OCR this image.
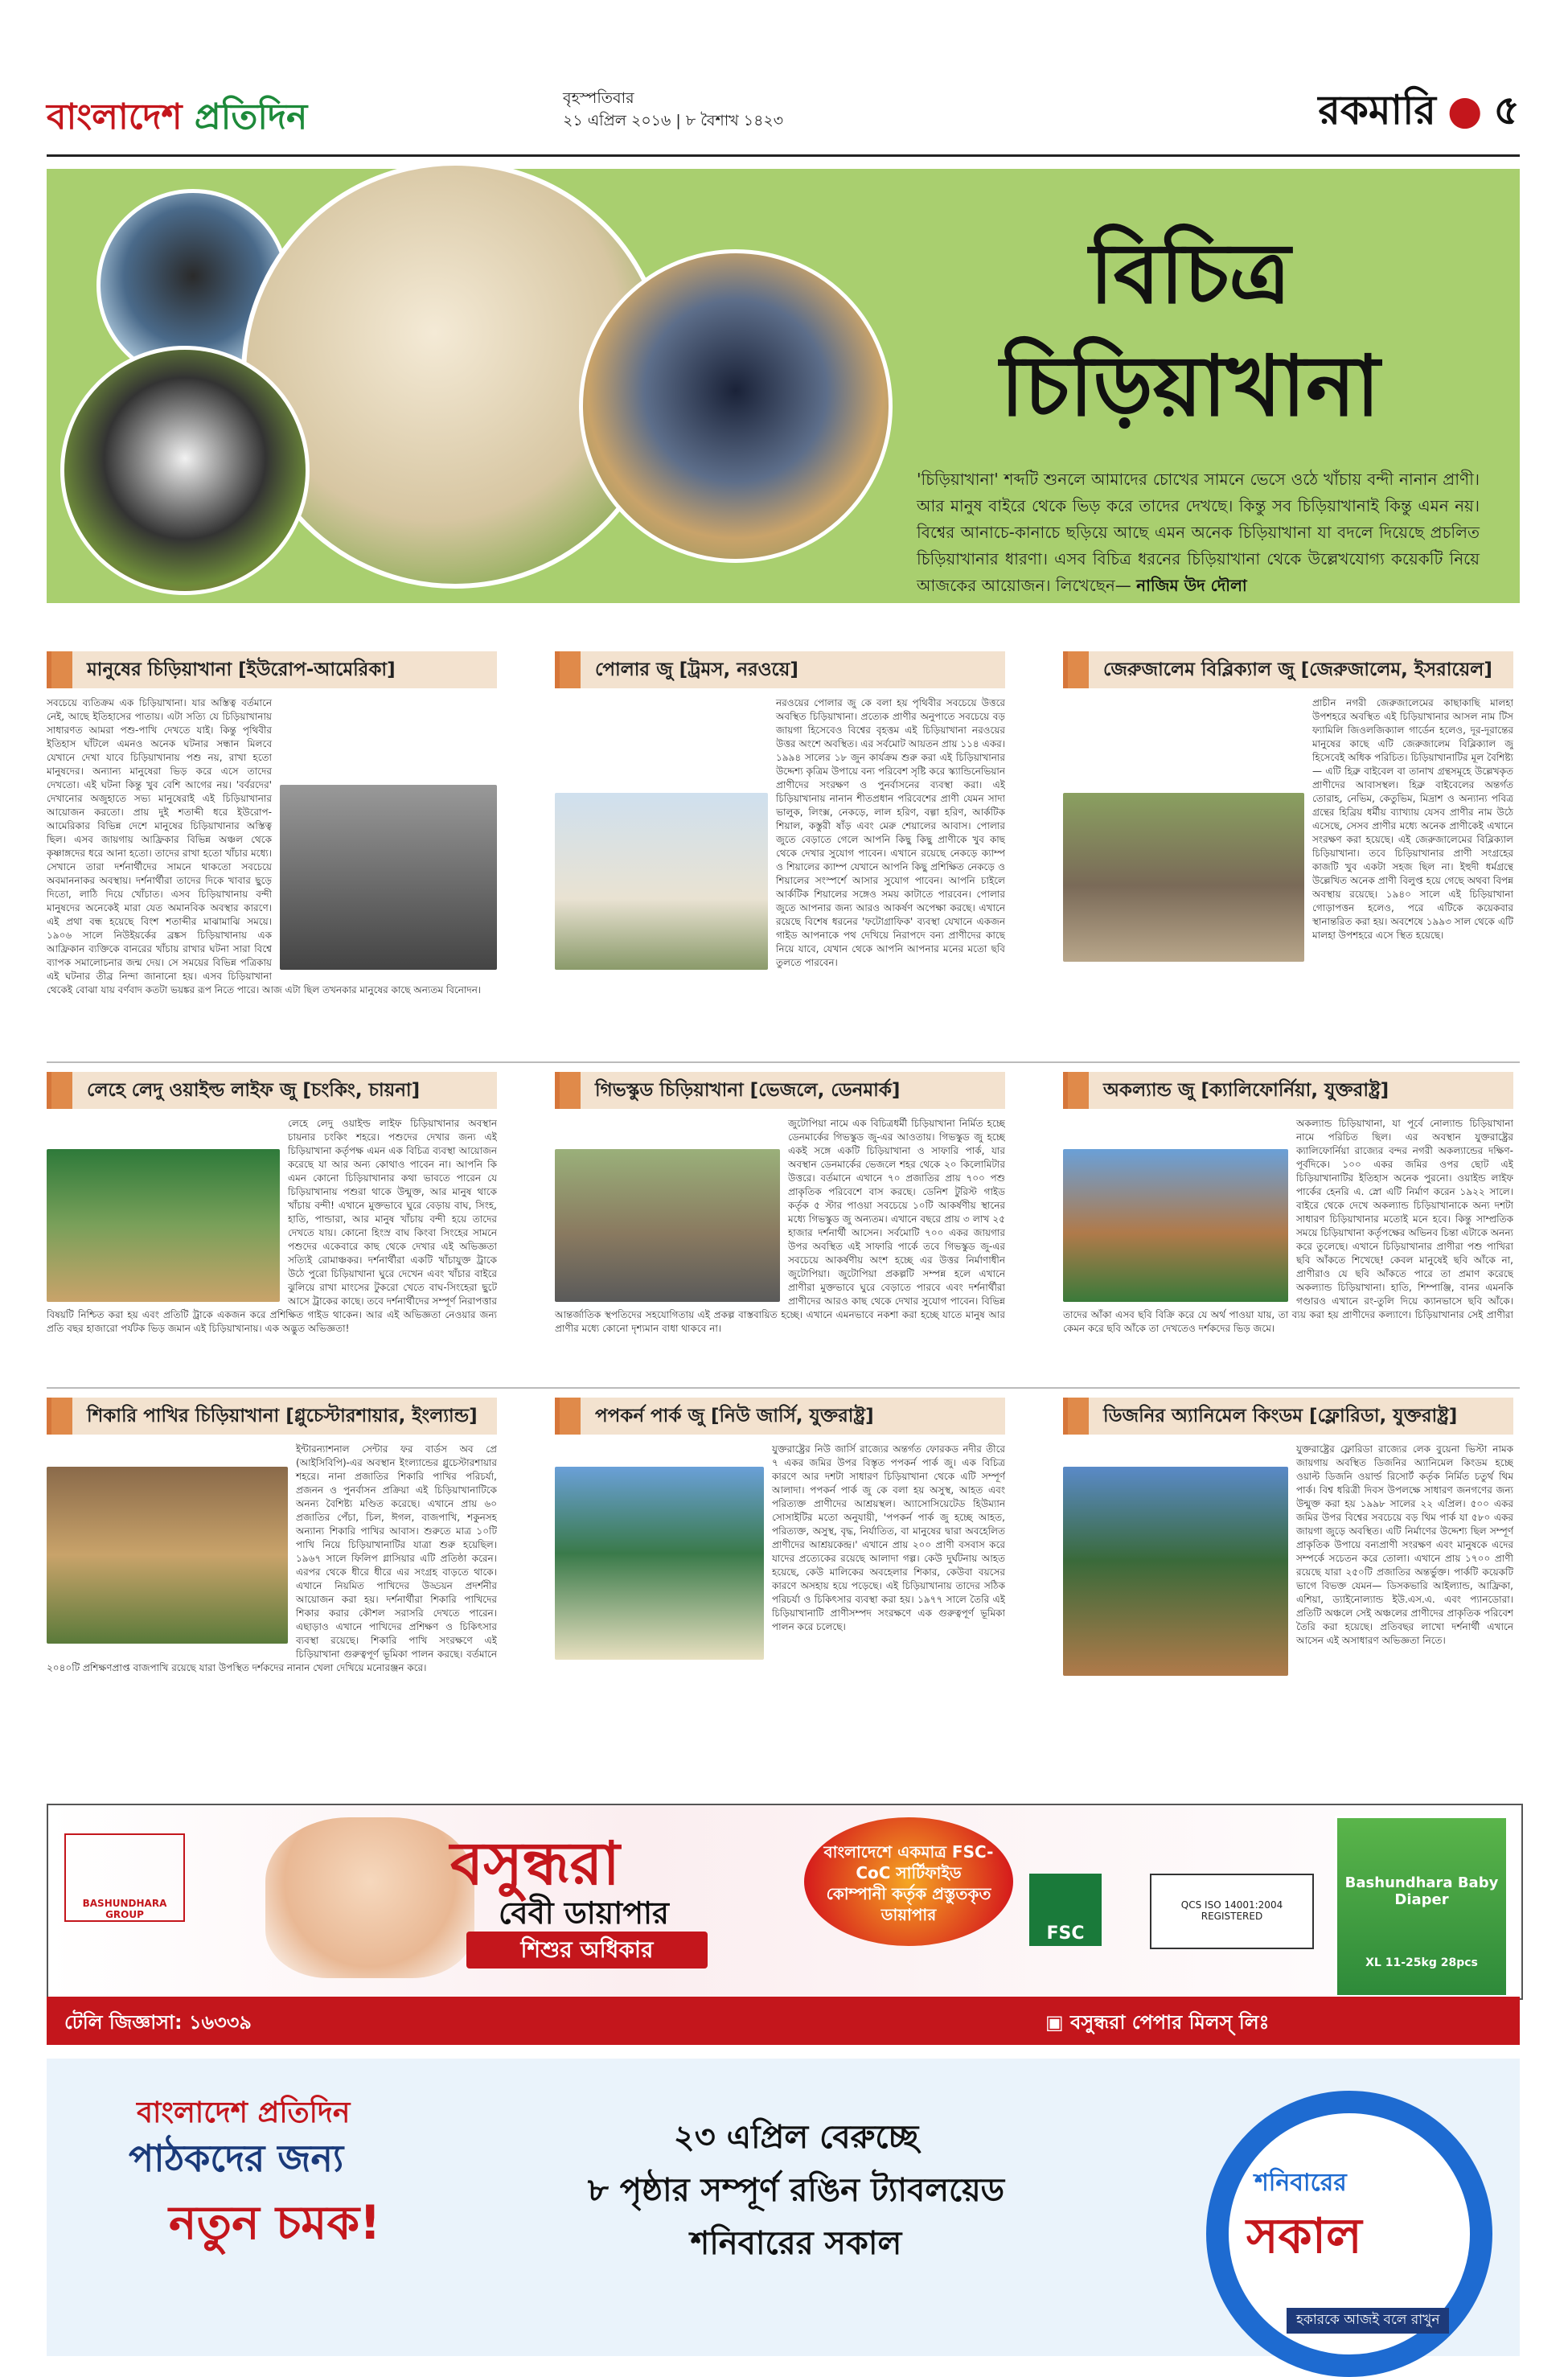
বাংলাদেশ প্রতিদিন	বৃহস্পতিবার
২১ এপ্রিল ২০১৬ | ৮ বৈশাখ ১৪২৩	রকমারি ● ৫
বিচিত্র
চিড়িয়াখানা
'চিড়িয়াখানা' শব্দটি শুনলে আমাদের চোখের সামনে ভেসে ওঠে খাঁচায় বন্দী নানান প্রাণী। আর মানুষ বাইরে থেকে ভিড় করে তাদের দেখছে। কিন্তু সব চিড়িয়াখানাই কিন্তু এমন নয়। বিশ্বের আনাচে-কানাচে ছড়িয়ে আছে এমন অনেক চিড়িয়াখানা যা বদলে দিয়েছে প্রচলিত চিড়িয়াখানার ধারণা। এসব বিচিত্র ধরনের চিড়িয়াখানা থেকে উল্লেখযোগ্য কয়েকটি নিয়ে আজকের আয়োজন। লিখেছেন— নাজিম উদ দৌলা
মানুষের চিড়িয়াখানা [ইউরোপ-আমেরিকা]
সবচেয়ে ব্যতিক্রম এক চিড়িয়াখানা। যার অস্তিত্ব বর্তমানে নেই, আছে ইতিহাসের পাতায়। এটা সত্যি যে চিড়িয়াখানায় সাধারণত আমরা পশু-পাখি দেখতে যাই। কিন্তু পৃথিবীর ইতিহাস ঘাঁটলে এমনও অনেক ঘটনার সন্ধান মিলবে যেখানে দেখা যাবে চিড়িয়াখানায় পশু নয়, রাখা হতো মানুষদের। অন্যান্য মানুষেরা ভিড় করে এসে তাদের দেখতো। এই ঘটনা কিন্তু খুব বেশি আগের নয়। 'বর্বরদের' দেখানোর অজুহাতে সভ্য মানুষেরাই এই চিড়িয়াখানার আয়োজন করতো। প্রায় দুই শতাব্দী ধরে ইউরোপ-আমেরিকার বিভিন্ন দেশে মানুষের চিড়িয়াখানার অস্তিত্ব ছিল। এসব জায়গায় আফ্রিকার বিভিন্ন অঞ্চল থেকে কৃষ্ণাঙ্গদের ধরে আনা হতো। তাদের রাখা হতো খাঁচার মধ্যে। সেখানে তারা দর্শনার্থীদের সামনে থাকতো সবচেয়ে অবমাননাকর অবস্থায়। দর্শনার্থীরা তাদের দিকে খাবার ছুড়ে দিতো, লাঠি দিয়ে খোঁচাত। এসব চিড়িয়াখানায় বন্দী মানুষদের অনেকেই মারা যেত অমানবিক অবস্থার কারণে। এই প্রথা বন্ধ হয়েছে বিংশ শতাব্দীর মাঝামাঝি সময়ে। ১৯০৬ সালে নিউইয়র্কের ব্রঙ্কস চিড়িয়াখানায় এক আফ্রিকান ব্যক্তিকে বানরের খাঁচায় রাখার ঘটনা সারা বিশ্বে ব্যাপক সমালোচনার জন্ম দেয়। সে সময়ের বিভিন্ন পত্রিকায় এই ঘটনার তীব্র নিন্দা জানানো হয়। এসব চিড়িয়াখানা থেকেই বোঝা যায় বর্ণবাদ কতটা ভয়ঙ্কর রূপ নিতে পারে। আজ এটা ছিল তখনকার মানুষের কাছে অন্যতম বিনোদন।
পোলার জু [ট্রমস, নরওয়ে]
নরওয়ের পোলার জু কে বলা হয় পৃথিবীর সবচেয়ে উত্তরে অবস্থিত চিড়িয়াখানা। প্রত্যেক প্রাণীর অনুপাতে সবচেয়ে বড় জায়গা হিসেবেও বিশ্বের বৃহত্তম এই চিড়িয়াখানা নরওয়ের উত্তর অংশে অবস্থিত। এর সর্বমোট আয়তন প্রায় ১১৪ একর। ১৯৯৪ সালের ১৮ জুন কার্যক্রম শুরু করা এই চিড়িয়াখানার উদ্দেশ্য কৃত্রিম উপায়ে বন্য পরিবেশ সৃষ্টি করে স্ক্যান্ডিনেভিয়ান প্রাণীদের সংরক্ষণ ও পুনর্বাসনের ব্যবস্থা করা। এই চিড়িয়াখানায় নানান শীতপ্রধান পরিবেশের প্রাণী যেমন সাদা ভালুক, লিংক্স, নেকড়ে, লাল হরিণ, বল্গা হরিণ, আর্কটিক শিয়াল, কস্তুরী ষাঁড় এবং মেরু শেয়ালের আবাস। পোলার জুতে বেড়াতে গেলে আপনি কিছু কিছু প্রাণীকে খুব কাছ থেকে দেখার সুযোগ পাবেন। এখানে রয়েছে নেকড়ে ক্যাম্প ও শিয়ালের ক্যাম্প যেখানে আপনি কিছু প্রশিক্ষিত নেকড়ে ও শিয়ালের সংস্পর্শে আসার সুযোগ পাবেন। আপনি চাইলে আর্কটিক শিয়ালের সঙ্গেও সময় কাটাতে পারবেন। পোলার জুতে আপনার জন্য আরও আকর্ষণ অপেক্ষা করছে। এখানে রয়েছে বিশেষ ধরনের 'ফটোগ্রাফিক' ব্যবস্থা যেখানে একজন গাইড আপনাকে পথ দেখিয়ে নিরাপদে বন্য প্রাণীদের কাছে নিয়ে যাবে, যেখান থেকে আপনি আপনার মনের মতো ছবি তুলতে পারবেন।
জেরুজালেম বিব্লিক্যাল জু [জেরুজালেম, ইসরায়েল]
প্রাচীন নগরী জেরুজালেমের কাছাকাছি মালহা উপশহরে অবস্থিত এই চিড়িয়াখানার আসল নাম টিস ফ্যামিলি জিওলজিক্যাল গার্ডেন হলেও, দূর-দূরান্তের মানুষের কাছে এটি জেরুজালেম বিব্লিক্যাল জু হিসেবেই অধিক পরিচিত। চিড়িয়াখানাটির মূল বৈশিষ্ট্য— এটি হিব্রু বাইবেল বা তানাখ গ্রন্থসমূহে উল্লেখকৃত প্রাণীদের আবাসস্থল। হিব্রু বাইবেলের অন্তর্গত তোরাহ, নেভিম, কেতুভিম, মিদ্রাশ ও অন্যান্য পবিত্র গ্রন্থের হিব্রিয় ধর্মীয় ব্যাখ্যায় যেসব প্রাণীর নাম উঠে এসেছে, সেসব প্রাণীর মধ্যে অনেক প্রাণীকেই এখানে সংরক্ষণ করা হয়েছে। এই জেরুজালেমের বিব্লিক্যাল চিড়িয়াখানা। তবে চিড়িয়াখানার প্রাণী সংগ্রহের কাজটি খুব একটা সহজ ছিল না। ইহুদী ধর্মগ্রন্থে উল্লেখিত অনেক প্রাণী বিলুপ্ত হয়ে গেছে অথবা বিপন্ন অবস্থায় রয়েছে। ১৯৪০ সালে এই চিড়িয়াখানা গোড়াপত্তন হলেও, পরে এটিকে কয়েকবার স্থানান্তরিত করা হয়। অবশেষে ১৯৯৩ সাল থেকে এটি মালহা উপশহরে এসে স্থিত হয়েছে।
লেহে লেদু ওয়াইল্ড লাইফ জু [চংকিং, চায়না]
লেহে লেদু ওয়াইল্ড লাইফ চিড়িয়াখানার অবস্থান চায়নার চংকিং শহরে। পশুদের দেখার জন্য এই চিড়িয়াখানা কর্তৃপক্ষ এমন এক বিচিত্র ব্যবস্থা আয়োজন করেছে যা আর অন্য কোথাও পাবেন না। আপনি কি এমন কোনো চিড়িয়াখানার কথা ভাবতে পারেন যে চিড়িয়াখানায় পশুরা থাকে উন্মুক্ত, আর মানুষ থাকে খাঁচায় বন্দী! এখানে মুক্তভাবে ঘুরে বেড়ায় বাঘ, সিংহ, হাতি, পান্ডারা, আর মানুষ খাঁচায় বন্দী হয়ে তাদের দেখতে যায়। কোনো হিংস্র বাঘ কিংবা সিংহের সামনে পশুদের একেবারে কাছ থেকে দেখার এই অভিজ্ঞতা সত্যিই রোমাঞ্চকর। দর্শনার্থীরা একটি খাঁচাযুক্ত ট্রাকে উঠে পুরো চিড়িয়াখানা ঘুরে দেখেন এবং খাঁচার বাইরে ঝুলিয়ে রাখা মাংসের টুকরো খেতে বাঘ-সিংহেরা ছুটে আসে ট্রাকের কাছে। তবে দর্শনার্থীদের সম্পূর্ণ নিরাপত্তার বিষয়টি নিশ্চিত করা হয় এবং প্রতিটি ট্রাকে একজন করে প্রশিক্ষিত গাইড থাকেন। আর এই অভিজ্ঞতা নেওয়ার জন্য প্রতি বছর হাজারো পর্যটক ভিড় জমান এই চিড়িয়াখানায়। এক অদ্ভুত অভিজ্ঞতা!
গিভস্কুড চিড়িয়াখানা [ভেজলে, ডেনমার্ক]
জুটোপিয়া নামে এক বিচিত্রধর্মী চিড়িয়াখানা নির্মিত হচ্ছে ডেনমার্কের গিভস্কুড জু-এর আওতায়। গিভস্কুড জু হচ্ছে একই সঙ্গে একটি চিড়িয়াখানা ও সাফারি পার্ক, যার অবস্থান ডেনমার্কের ভেজলে শহর থেকে ২০ কিলোমিটার উত্তরে। বর্তমানে এখানে ৭০ প্রজাতির প্রায় ৭০০ পশু প্রাকৃতিক পরিবেশে বাস করছে। ডেনিশ টুরিস্ট গাইড কর্তৃক ৫ স্টার পাওয়া সবচেয়ে ১০টি আকর্ষণীয় স্থানের মধ্যে গিভস্কুড জু অন্যতম। এখানে বছরে প্রায় ৩ লাখ ২৫ হাজার দর্শনার্থী আসেন। সর্বমোটি ৭০০ একর জায়গার উপর অবস্থিত এই সাফারি পার্কে তবে গিভস্কুড জু-এর সবচেয়ে আকর্ষণীয় অংশ হচ্ছে এর উত্তর নির্মাণাধীন জুটোপিয়া। জুটোপিয়া প্রকল্পটি সম্পন্ন হলে এখানে প্রাণীরা মুক্তভাবে ঘুরে বেড়াতে পারবে এবং দর্শনার্থীরা প্রাণীদের আরও কাছ থেকে দেখার সুযোগ পাবেন। বিভিন্ন আন্তর্জাতিক স্থপতিদের সহযোগিতায় এই প্রকল্প বাস্তবায়িত হচ্ছে। এখানে এমনভাবে নকশা করা হচ্ছে যাতে মানুষ আর প্রাণীর মধ্যে কোনো দৃশ্যমান বাধা থাকবে না।
অকল্যান্ড জু [ক্যালিফোর্নিয়া, যুক্তরাষ্ট্র]
অকল্যান্ড চিড়িয়াখানা, যা পূর্বে নোল্যান্ড চিড়িয়াখানা নামে পরিচিত ছিল। এর অবস্থান যুক্তরাষ্ট্রের ক্যালিফোর্নিয়া রাজ্যের বন্দর নগরী অকল্যান্ডের দক্ষিণ-পূর্বদিকে। ১০০ একর জমির ওপর ছোট এই চিড়িয়াখানাটির ইতিহাস অনেক পুরনো। ওয়াইন্ড লাইফ পার্কের হেনরি এ. স্নো এটি নির্মাণ করেন ১৯২২ সালে। বাইরে থেকে দেখে অকল্যান্ড চিড়িয়াখানাকে অন্য দশটা সাধারণ চিড়িয়াখানার মতোই মনে হবে। কিন্তু সাম্প্রতিক সময়ে চিড়িয়াখানা কর্তৃপক্ষের অভিনব চিন্তা এটাকে অনন্য করে তুলেছে। এখানে চিড়িয়াখানার প্রাণীরা পশু পাখিরা ছবি আঁকতে শিখেছে! কেবল মানুষেই ছবি আঁকে না, প্রাণীরাও যে ছবি আঁকতে পারে তা প্রমাণ করেছে অকল্যান্ড চিড়িয়াখানা। হাতি, শিম্পাঞ্জি, বানর এমনকি গণ্ডারও এখানে রং-তুলি দিয়ে ক্যানভাসে ছবি আঁকে। তাদের আঁকা এসব ছবি বিক্রি করে যে অর্থ পাওয়া যায়, তা ব্যয় করা হয় প্রাণীদের কল্যাণে। চিড়িয়াখানার সেই প্রাণীরা কেমন করে ছবি আঁকে তা দেখতেও দর্শকদের ভিড় জমে।
শিকারি পাখির চিড়িয়াখানা [গ্লুচেস্টারশায়ার, ইংল্যান্ড]
ইন্টারন্যাশনাল সেন্টার ফর বার্ডস অব প্রে (আইসিবিপি)-এর অবস্থান ইংল্যান্ডের গ্লুচেস্টারশায়ার শহরে। নানা প্রজাতির শিকারি পাখির পরিচর্যা, প্রজনন ও পুনর্বাসন প্রক্রিয়া এই চিড়িয়াখানাটিকে অনন্য বৈশিষ্ট্য মণ্ডিত করেছে। এখানে প্রায় ৬০ প্রজাতির পেঁচা, চিল, ঈগল, বাজপাখি, শকুনসহ অন্যান্য শিকারি পাখির আবাস। শুরুতে মাত্র ১০টি পাখি নিয়ে চিড়িয়াখানাটির যাত্রা শুরু হয়েছিল। ১৯৬৭ সালে ফিলিপ গ্লাসিয়ার এটি প্রতিষ্ঠা করেন। এরপর থেকে ধীরে ধীরে এর সংগ্রহ বাড়তে থাকে। এখানে নিয়মিত পাখিদের উড্ডয়ন প্রদর্শনীর আয়োজন করা হয়। দর্শনার্থীরা শিকারি পাখিদের শিকার করার কৌশল সরাসরি দেখতে পারেন। এছাড়াও এখানে পাখিদের প্রশিক্ষণ ও চিকিৎসার ব্যবস্থা রয়েছে। শিকারি পাখি সংরক্ষণে এই চিড়িয়াখানা গুরুত্বপূর্ণ ভূমিকা পালন করছে। বর্তমানে ২০৪০টি প্রশিক্ষণপ্রাপ্ত বাজপাখি রয়েছে যারা উপস্থিত দর্শকদের নানান খেলা দেখিয়ে মনোরঞ্জন করে।
পপকর্ন পার্ক জু [নিউ জার্সি, যুক্তরাষ্ট্র]
যুক্তরাষ্ট্রের নিউ জার্সি রাজ্যের অন্তর্গত ফোরকড নদীর তীরে ৭ একর জমির উপর বিস্তৃত পপকর্ন পার্ক জু। এক বিচিত্র কারণে আর দশটা সাধারণ চিড়িয়াখানা থেকে এটি সম্পূর্ণ আলাদা। পপকর্ন পার্ক জু কে বলা হয় অসুস্থ, আহত এবং পরিত্যক্ত প্রাণীদের আশ্রয়স্থল। অ্যাসোসিয়েটেড হিউম্যান সোসাইটির মতো অনুযায়ী, 'পপকর্ন পার্ক জু হচ্ছে আহত, পরিত্যক্ত, অসুস্থ, বৃদ্ধ, নির্যাতিত, বা মানুষের দ্বারা অবহেলিত প্রাণীদের আশ্রয়কেন্দ্র।' এখানে প্রায় ২০০ প্রাণী বসবাস করে যাদের প্রত্যেকের রয়েছে আলাদা গল্প। কেউ দুর্ঘটনায় আহত হয়েছে, কেউ মালিকের অবহেলার শিকার, কেউবা বয়সের কারণে অসহায় হয়ে পড়েছে। এই চিড়িয়াখানায় তাদের সঠিক পরিচর্যা ও চিকিৎসার ব্যবস্থা করা হয়। ১৯৭৭ সালে তৈরি এই চিড়িয়াখানাটি প্রাণীসম্পদ সংরক্ষণে এক গুরুত্বপূর্ণ ভূমিকা পালন করে চলেছে।
ডিজনির অ্যানিমেল কিংডম [ফ্লোরিডা, যুক্তরাষ্ট্র]
যুক্তরাষ্ট্রের ফ্লোরিডা রাজ্যের লেক বুয়েনা ভিস্টা নামক জায়গায় অবস্থিত ডিজনির অ্যানিমেল কিংডম হচ্ছে ওয়াল্ট ডিজনি ওয়ার্ল্ড রিসোর্ট কর্তৃক নির্মিত চতুর্থ থিম পার্ক। বিশ্ব ধরিত্রী দিবস উপলক্ষে সাধারণ জনগণের জন্য উন্মুক্ত করা হয় ১৯৯৮ সালের ২২ এপ্রিল। ৫০০ একর জমির উপর বিশ্বের সবচেয়ে বড় থিম পার্ক যা ৫৮০ একর জায়গা জুড়ে অবস্থিত। এটি নির্মাণের উদ্দেশ্য ছিল সম্পূর্ণ প্রাকৃতিক উপায়ে বন্যপ্রাণী সংরক্ষণ এবং মানুষকে এদের সম্পর্কে সচেতন করে তোলা। এখানে প্রায় ১৭০০ প্রাণী রয়েছে যারা ২৫০টি প্রজাতির অন্তর্ভুক্ত। পার্কটি কয়েকটি ভাগে বিভক্ত যেমন— ডিসকভারি আইল্যান্ড, আফ্রিকা, এশিয়া, ড্যাইনোল্যান্ড ইউ.এস.এ. এবং প্যানডোরা। প্রতিটি অঞ্চলে সেই অঞ্চলের প্রাণীদের প্রাকৃতিক পরিবেশ তৈরি করা হয়েছে। প্রতিবছর লাখো দর্শনার্থী এখানে আসেন এই অসাধারণ অভিজ্ঞতা নিতে।
BASHUNDHARA GROUP
বসুন্ধরা
বেবী ডায়াপার
শিশুর অধিকার
বাংলাদেশে একমাত্র FSC-CoC সার্টিফাইড কোম্পানী কর্তৃক প্রস্তুতকৃত ডায়াপার
FSC
QCS ISO 14001:2004 REGISTERED
Bashundhara Baby Diaper
XL 11-25kg 28pcs
টেলি জিজ্ঞাসা: ১৬৩৩৯	▣ বসুন্ধরা পেপার মিলস্ লিঃ
বাংলাদেশ প্রতিদিন
পাঠকদের জন্য
নতুন চমক!
২৩ এপ্রিল বেরুচ্ছে
৮ পৃষ্ঠার সম্পূর্ণ রঙিন ট্যাবলয়েড
শনিবারের সকাল
শনিবারের
সকাল
হকারকে আজই বলে রাখুন
